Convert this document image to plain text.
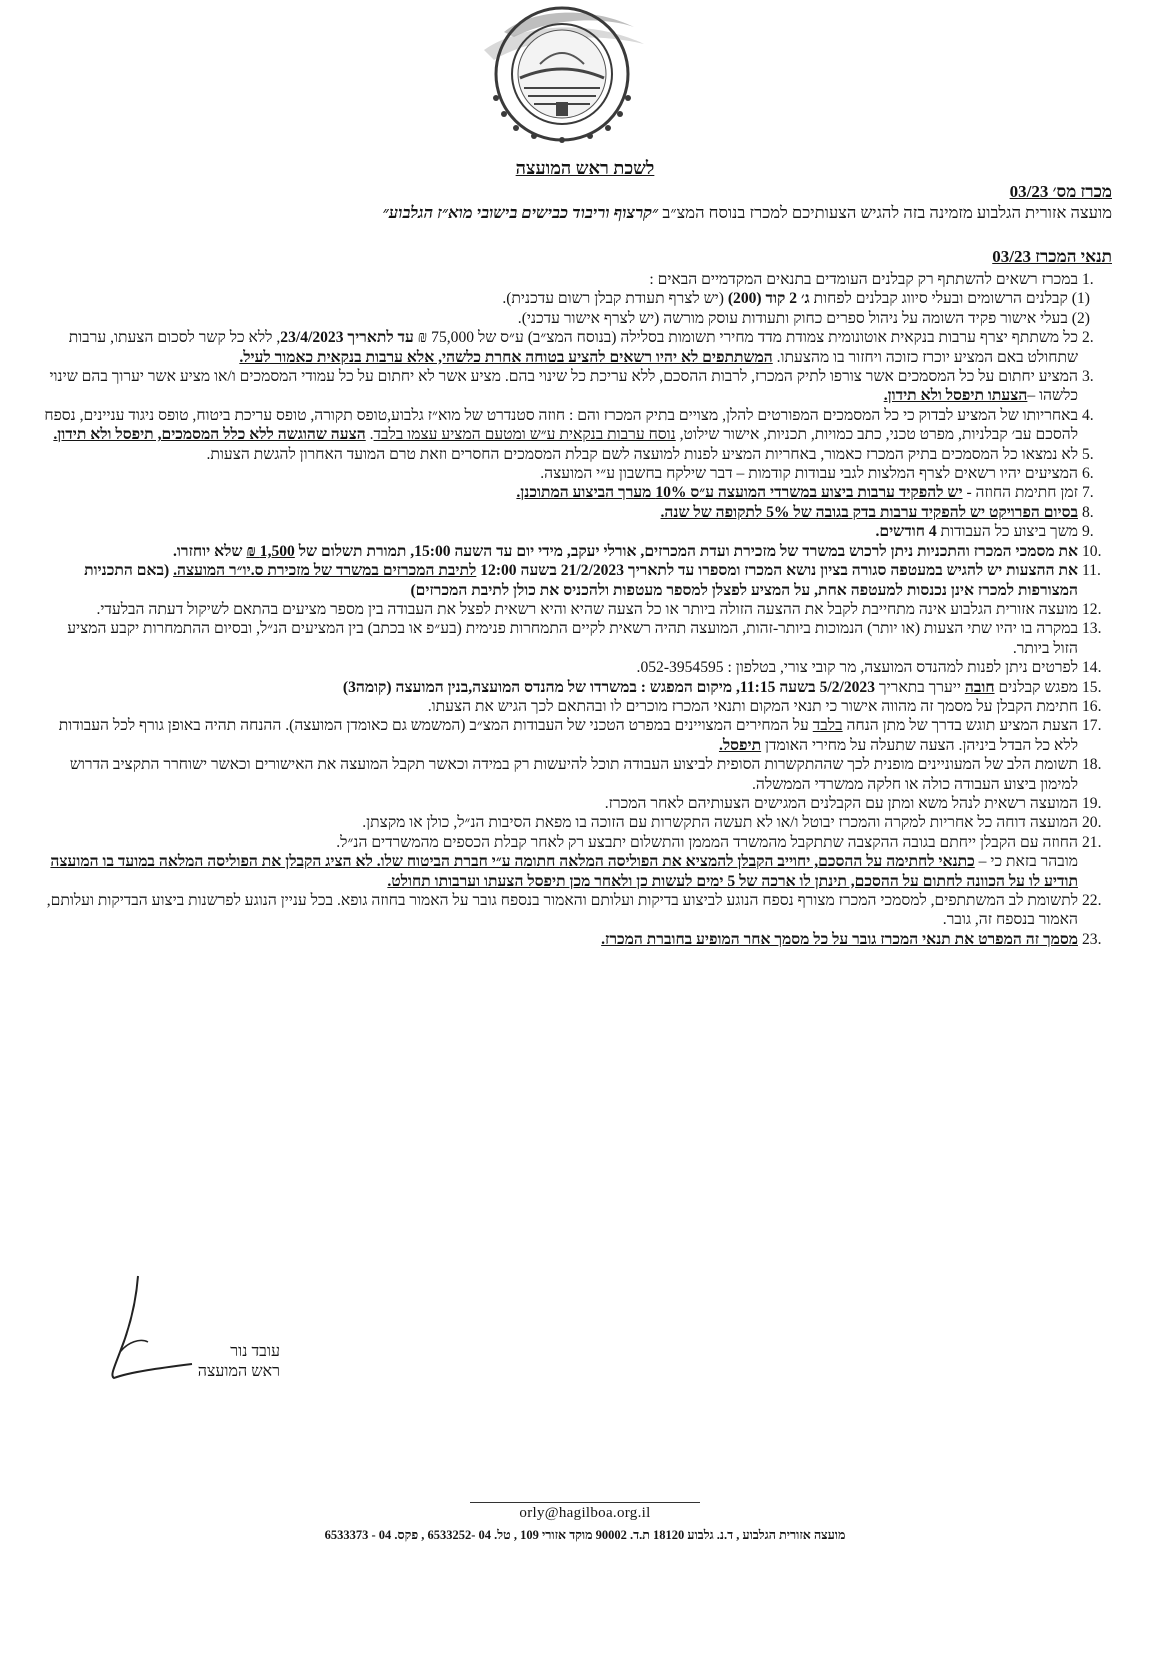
לשכת ראש המועצה
מכרז מס׳ 03/23
מועצה אזורית הגלבוע מזמינה בזה להגיש הצעותיכם למכרז בנוסח המצ״ב ״קרצוף וריבוד כבישים בישובי מוא״ז הגלבוע״
תנאי המכרז 03/23
1.
במכרז רשאים להשתתף רק קבלנים העומדים בתנאים המקדמיים הבאים :
(1) קבלנים הרשומים ובעלי סיווג קבלנים לפחות ג׳ 2 קוד (200) (יש לצרף תעודת קבלן רשום עדכנית).
(2) בעלי אישור פקיד השומה על ניהול ספרים כחוק ותעודות עוסק מורשה (יש לצרף אישור עדכני).
2.
כל משתתף יצרף ערבות בנקאית אוטונומית צמודת מדד מחירי תשומות בסלילה (בנוסח המצ״ב) ע״ס של 75,000 ₪ עד לתאריך 23/4/2023, ללא כל קשר לסכום הצעתו, ערבות שתחולט באם המציע יוכרז כזוכה ויחזור בו מהצעתו. המשתתפים לא יהיו רשאים להציע בטוחה אחרת כלשהי, אלא ערבות בנקאית כאמור לעיל.
3.
המציע יחתום על כל המסמכים אשר צורפו לתיק המכרז, לרבות ההסכם, ללא עריכת כל שינוי בהם. מציע אשר לא יחתום על כל עמודי המסמכים ו/או מציע אשר יערוך בהם שינוי כלשהו –הצעתו תיפסל ולא תידון.
4.
באחריותו של המציע לבדוק כי כל המסמכים המפורטים להלן, מצויים בתיק המכרז והם : חוזה סטנדרט של מוא״ז גלבוע,טופס תקורה, טופס עריכת ביטוח, טופס ניגוד עניינים, נספח להסכם עב׳ קבלניות, מפרט טכני, כתב כמויות, תכניות, אישור שילוט, נוסח ערבות בנקאית ע״ש ומטעם המציע עצמו בלבד. הצעה שהוגשה ללא כלל המסמכים, תיפסל ולא תידון.
5.
לא נמצאו כל המסמכים בתיק המכרז כאמור, באחריות המציע לפנות למועצה לשם קבלת המסמכים החסרים וזאת טרם המועד האחרון להגשת הצעות.
6.
המציעים יהיו רשאים לצרף המלצות לגבי עבודות קודמות – דבר שילקח בחשבון ע״י המועצה.
7.
זמן חתימת החוזה - יש להפקיד ערבות ביצוע במשרדי המועצה ע״ס 10% מערך הביצוע המתוכנן.
8.
בסיום הפרויקט יש להפקיד ערבות בדק בגובה של 5% לתקופה של שנה.
9.
משך ביצוע כל העבודות 4 חודשים.
10.
את מסמכי המכרז והתכניות ניתן לרכוש במשרד של מזכירת ועדת המכרזים, אורלי יעקב, מידי יום עד השעה 15:00, תמורת תשלום של 1,500 ₪ שלא יוחזרו.
11.
את ההצעות יש להגיש במעטפה סגורה בציון נושא המכרז ומספרו עד לתאריך 21/2/2023 בשעה 12:00 לתיבת המכרזים במשרד של מזכירת ס.יו״ר המועצה. (באם התכניות המצורפות למכרז אינן נכנסות למעטפה אחת, על המציע לפצלן למספר מעטפות ולהכניס את כולן לתיבת המכרזים)
12.
מועצה אזורית הגלבוע אינה מתחייבת לקבל את ההצעה הזולה ביותר או כל הצעה שהיא והיא רשאית לפצל את העבודה בין מספר מציעים בהתאם לשיקול דעתה הבלעדי.
13.
במקרה בו יהיו שתי הצעות (או יותר) הנמוכות ביותר-זהות, המועצה תהיה רשאית לקיים התמחרות פנימית (בע״פ או בכתב) בין המציעים הנ״ל, ובסיום ההתמחרות יקבע המציע הזול ביותר.
14.
לפרטים ניתן לפנות למהנדס המועצה, מר קובי צורי, בטלפון : 052-3954595.
15.
מפגש קבלנים חובה ייערך בתאריך 5/2/2023 בשעה 11:15, מיקום המפגש : במשרדו של מהנדס המועצה,בנין המועצה (קומה3)
16.
חתימת הקבלן על מסמך זה מהווה אישור כי תנאי המקום ותנאי המכרז מוכרים לו ובהתאם לכך הגיש את הצעתו.
17.
הצעת המציע תוגש בדרך של מתן הנחה בלבד על המחירים המצויינים במפרט הטכני של העבודות המצ״ב (המשמש גם כאומדן המועצה). ההנחה תהיה באופן גורף לכל העבודות ללא כל הבדל ביניהן. הצעה שתעלה על מחירי האומדן תיפסל.
18.
תשומת הלב של המעוניינים מופנית לכך שההתקשרות הסופית לביצוע העבודה תוכל להיעשות רק במידה וכאשר תקבל המועצה את האישורים וכאשר ישוחרר התקציב הדרוש למימון ביצוע העבודה כולה או חלקה ממשרדי הממשלה.
19.
המועצה רשאית לנהל משא ומתן עם הקבלנים המגישים הצעותיהם לאחר המכרז.
20.
המועצה דוחה כל אחריות למקרה והמכרז יבוטל ו/או לא תעשה התקשרות עם הזוכה בו מפאת הסיבות הנ״ל, כולן או מקצתן.
21.
החוזה עם הקבלן ייחתם בגובה ההקצבה שתתקבל מהמשרד המממן והתשלום יתבצע רק לאחר קבלת הכספים מהמשרדים הנ״ל.
מובהר בזאת כי – כתנאי לחתימה על ההסכם, יחוייב הקבלן להמציא את הפוליסה המלאה חתומה ע״י חברת הביטוח שלו. לא הציג הקבלן את הפוליסה המלאה במועד בו המועצה תודיע לו על הכוונה לחתום על ההסכם, תינתן לו ארכה של 5 ימים לעשות כן ולאחר מכן תיפסל הצעתו וערבותו תחולט.
22.
לתשומת לב המשתתפים, למסמכי המכרז מצורף נספח הנוגע לביצוע בדיקות ועלותם והאמור בנספח גובר על האמור בחוזה גופא. בכל עניין הנוגע לפרשנות ביצוע הבדיקות ועלותם, האמור בנספח זה, גובר.
23.
מסמך זה המפרט את תנאי המכרז גובר על כל מסמך אחר המופיע בחוברת המכרז.
עובד נור
ראש המועצה
orly@hagilboa.org.il
מועצה אזורית הגלבוע , ד.נ. גלבוע 18120 ת.ד. 90002 מוקד אזורי 109 , טל. 04 -6533252 , פקס. 04 - 6533373
